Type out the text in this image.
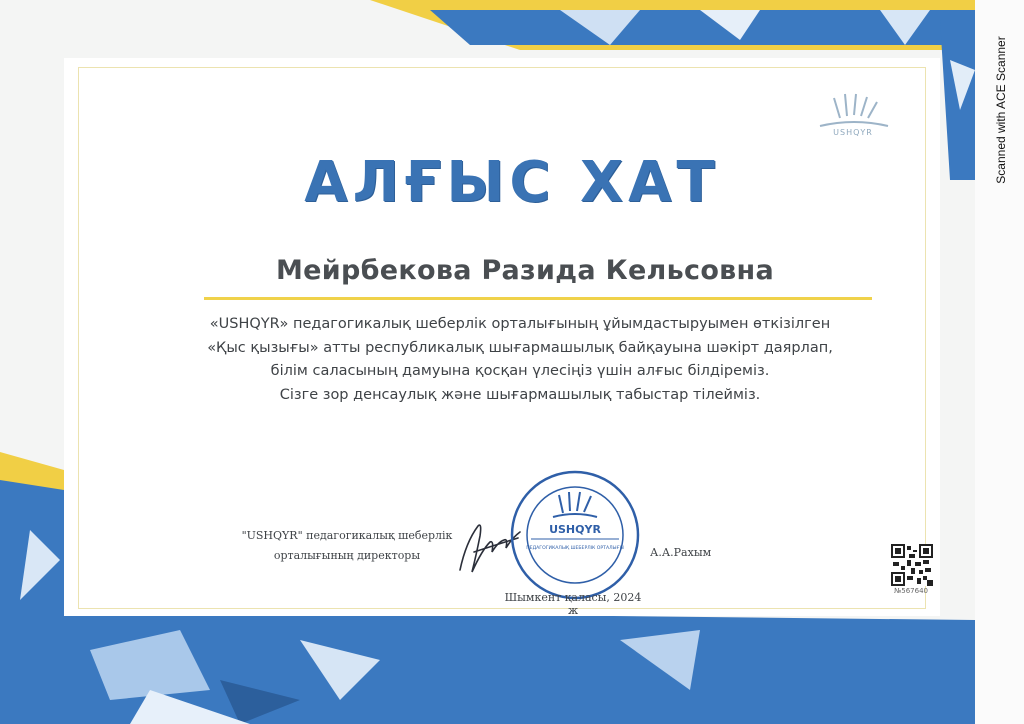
USHQYR
АЛҒЫС ХАТ
Мейрбекова Разида Кельсовна
«USHQYR» педагогикалық шеберлік орталығының ұйымдастыруымен өткізілген
«Қыс қызығы» атты республикалық шығармашылық байқауына шәкірт даярлап,
білім саласының дамуына қосқан үлесіңіз үшін алғыс білдіреміз.
Сізге зор денсаулық және шығармашылық табыстар тілейміз.
"USHQYR" педагогикалық шеберлік
орталығының директоры
USHQYR
ПЕДАГОГИКАЛЫҚ ШЕБЕРЛІК ОРТАЛЫҒЫ А.А.Рахым
Шымкент қаласы, 2024 ж
№567640
Scanned with ACE Scanner
